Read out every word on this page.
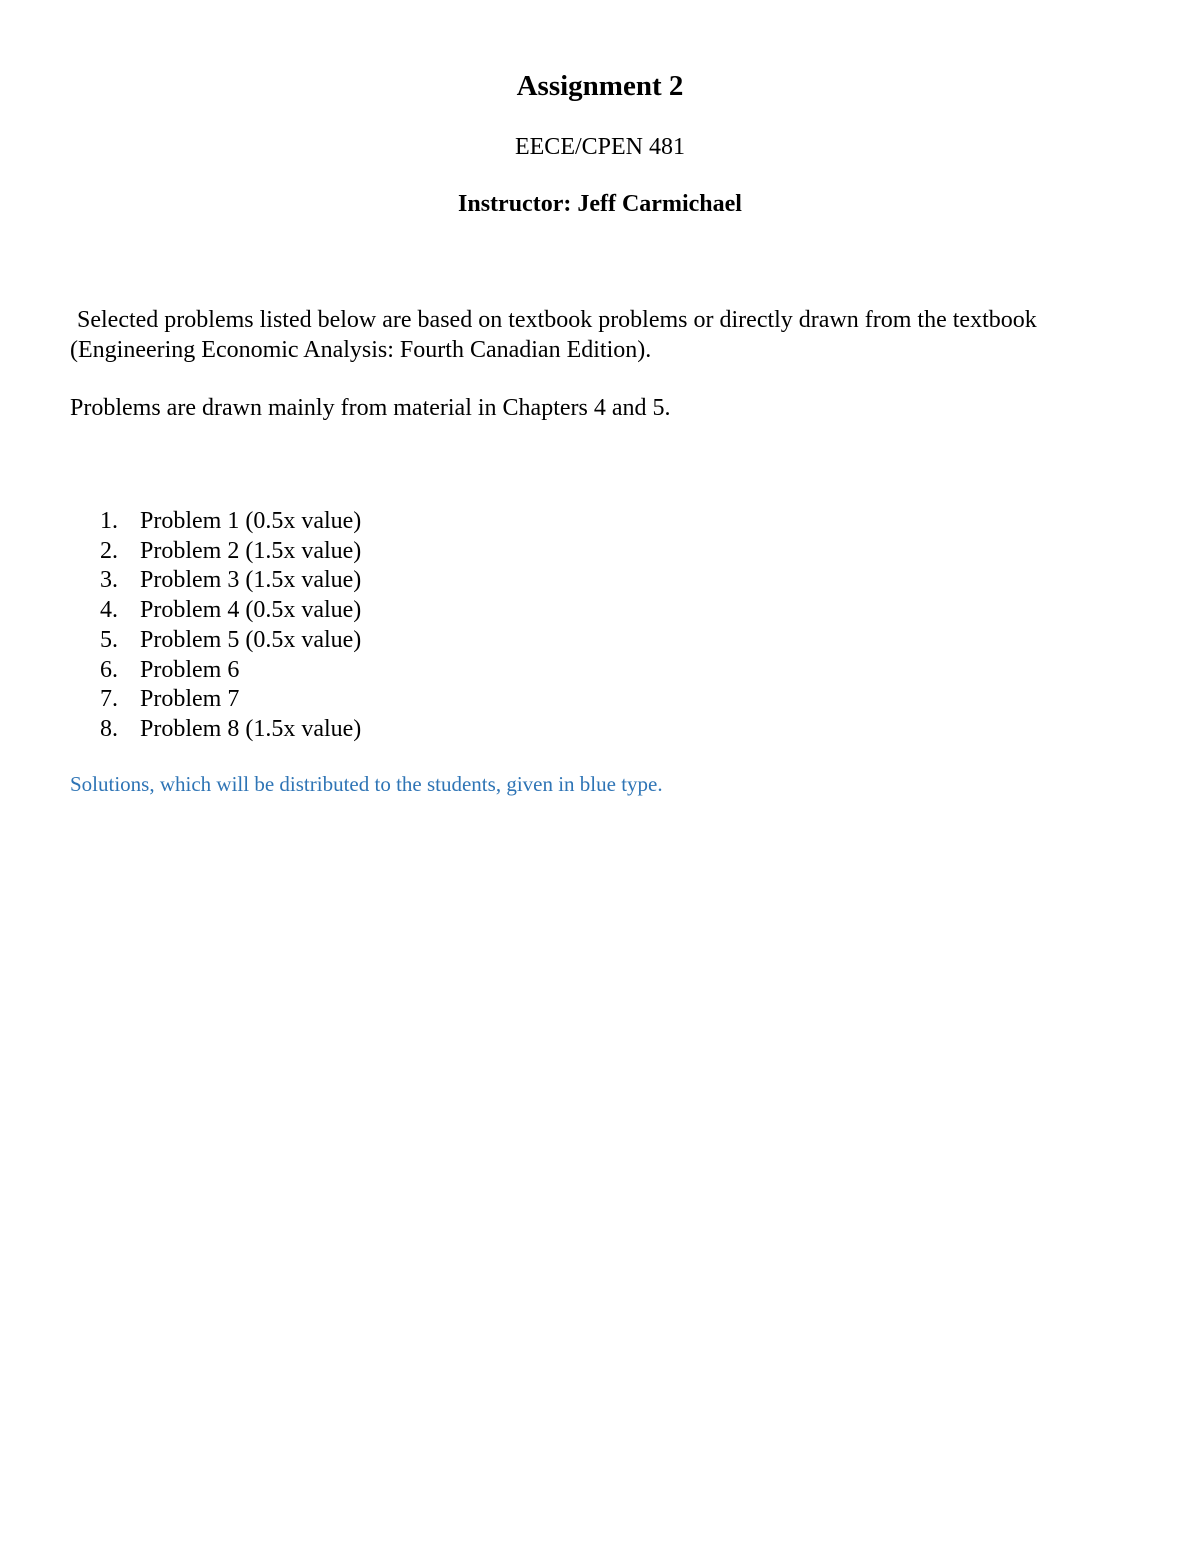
Assignment 2
EECE/CPEN 481
Instructor: Jeff Carmichael
Selected problems listed below are based on textbook problems or directly drawn from the textbook
(Engineering Economic Analysis: Fourth Canadian Edition).
Problems are drawn mainly from material in Chapters 4 and 5.
1. Problem 1 (0.5x value)
2. Problem 2 (1.5x value)
3. Problem 3 (1.5x value)
4. Problem 4 (0.5x value)
5. Problem 5 (0.5x value)
6. Problem 6
7. Problem 7
8. Problem 8 (1.5x value)
Solutions, which will be distributed to the students, given in blue type.
